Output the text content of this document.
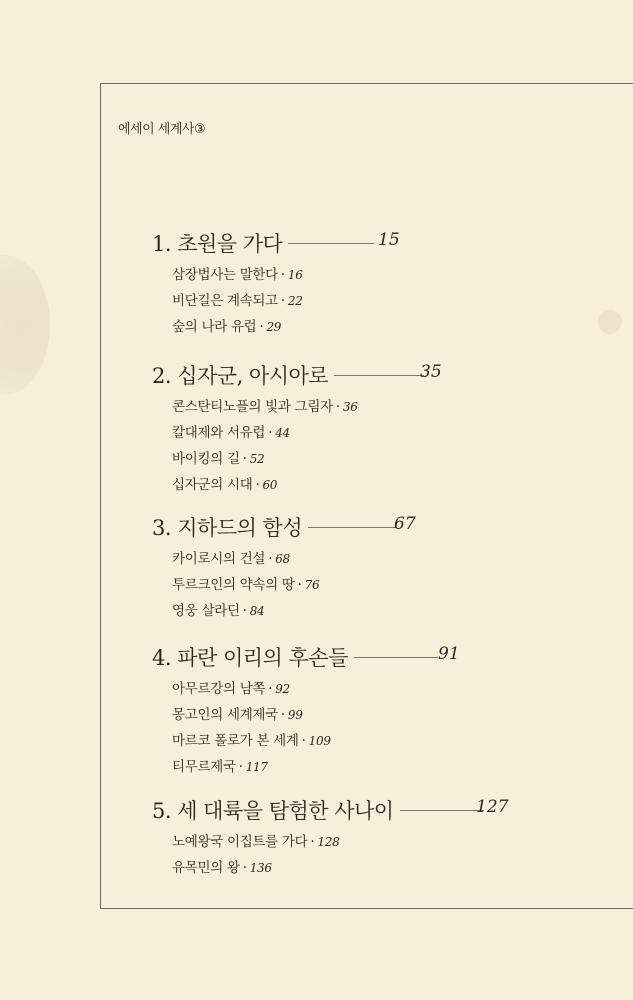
에세이 세계사③
1. 초원을 가다	15
삼장법사는 말한다 · 16
비단길은 계속되고 · 22
숲의 나라 유럽 · 29
2. 십자군, 아시아로	35
콘스탄티노플의 빛과 그림자 · 36
칼대제와 서유럽 · 44
바이킹의 길 · 52
십자군의 시대 · 60
3. 지하드의 함성	67
카이로시의 건설 · 68
투르크인의 약속의 땅 · 76
영웅 살라딘 · 84
4. 파란 이리의 후손들	91
아무르강의 남쪽 · 92
몽고인의 세계제국 · 99
마르코 폴로가 본 세계 · 109
티무르제국 · 117
5. 세 대륙을 탐험한 사나이	127
노예왕국 이집트를 가다 · 128
유목민의 왕 · 136
